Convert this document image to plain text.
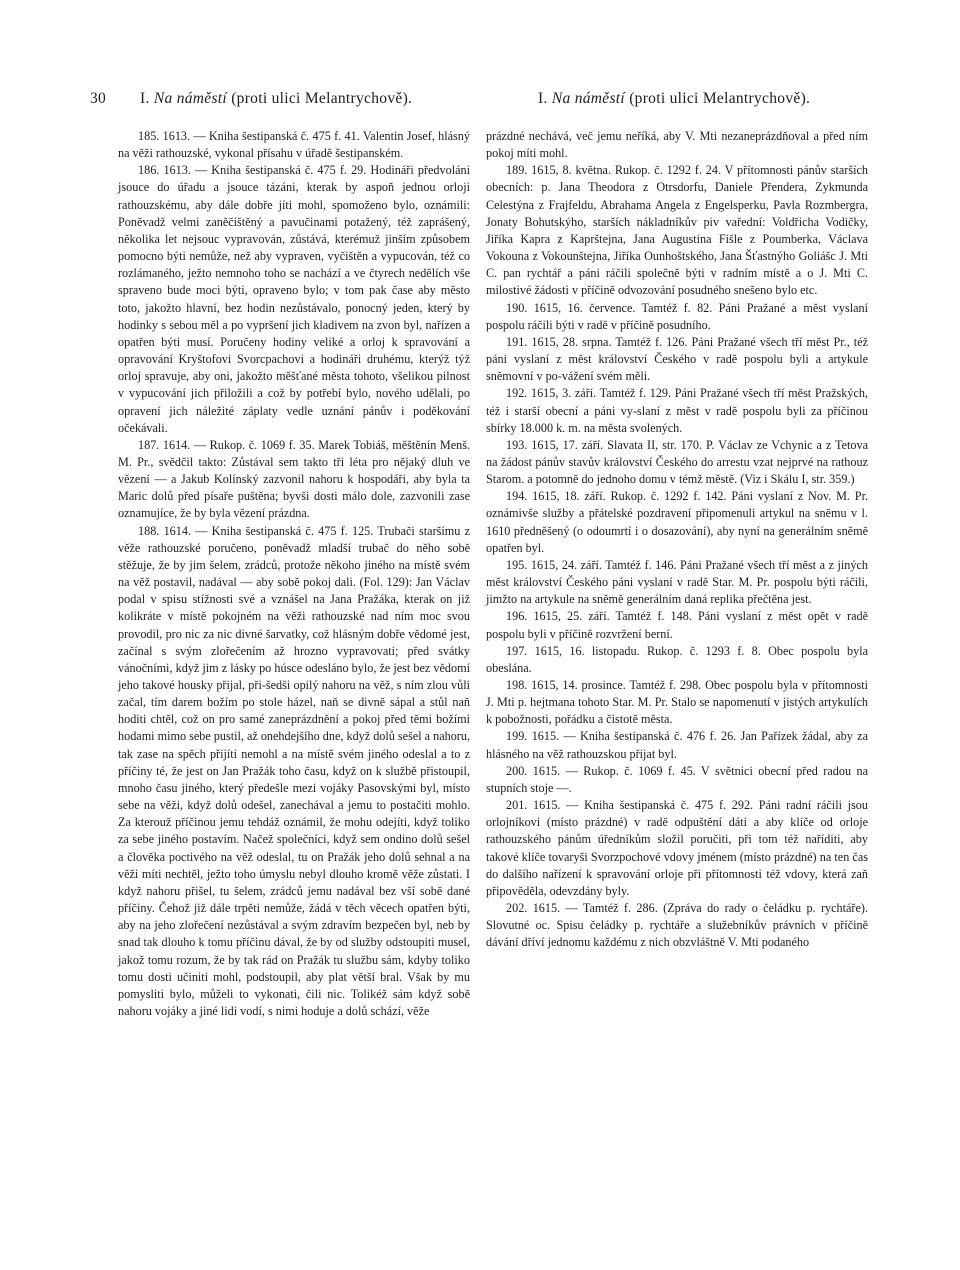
30 I. Na náměstí (proti ulici Melantrychově).	I. Na náměstí (proti ulici Melantrychově).

185. 1613. — Kniha šestipanská č. 475 f. 41. Valentin Josef, hlásný na věži rathouzské, vykonal přísahu v úřadě šestipanském.

186. 1613. — Kniha šestipanská č. 475 f. 29. Hodináři předvoláni jsouce do úřadu a jsouce tázáni, kterak by aspoň jednou orloji rathouzskému, aby dále dobře jíti mohl, spomoženo bylo, oznámili: Poněvadž velmi zaněčištěný a pavučinami potažený, též zaprášený, několika let nejsouc vypravován, zůstává, kterémuž jinším způsobem pomocno býti nemůže, než aby vypraven, vyčištěn a vypucován, též co rozlámaného, ježto nemnoho toho se nachází a ve čtyrech nedělích vše spraveno bude moci býti, opraveno bylo; v tom pak čase aby město toto, jakožto hlavní, bez hodin nezůstávalo, ponocný jeden, který by hodinky s sebou měl a po vypršení jich kladivem na zvon byl, nařízen a opatřen býti musí. Poručeny hodiny veliké a orloj k spravování a opravování Kryštofovi Svorcpachovi a hodináři druhému, kterýž týž orloj spravuje, aby oni, jakožto měšťané města tohoto, všelikou pilnost v vypucování jich přiložili a což by potřebí bylo, nového udělali, po opravení jich náležité záplaty vedle uznání pánův i poděkování očekávali.

187. 1614. — Rukop. č. 1069 f. 35. Marek Tobiáš, měštěnín Menš. M. Pr., svědčil takto: Zůstával sem takto tři léta pro nějaký dluh ve vězení — a Jakub Kolínský zazvonil nahoru k hospodáři, aby byla ta Maric dolů před písaře puštěna; byvši dosti málo dole, zazvonili zase oznamujíce, že by byla vězení prázdna.

188. 1614. — Kniha šestipanská č. 475 f. 125. Trubači staršímu z věže rathouzské poručeno, poněvadž mladší trubač do něho sobě stěžuje, že by jim šelem, zrádců, protože někoho jiného na místě svém na věž postavil, nadával — aby sobě pokoj dali. (Fol. 129): Jan Václav podal v spisu stížnosti své a vznášel na Jana Pražáka, kterak on již kolikráte v místě pokojném na věži rathouzské nad ním moc svou provodil, pro nic za nic divné šarvatky, což hlásným dobře vědomé jest, začínal s svým zlořečením až hrozno vypravovati; před svátky vánočními, když jim z lásky po húsce odesláno bylo, že jest bez vědomí jeho takové housky přijal, při-šedši opilý nahoru na věž, s ním zlou vůli začal, tím darem božím po stole házel, naň se divně sápal a stůl naň hoditi chtěl, což on pro samé zaneprázdnění a pokoj před těmi božími hodami mimo sebe pustil, až onehdejšího dne, když dolů sešel a nahoru, tak zase na spěch přijíti nemohl a na místě svém jiného odeslal a to z příčiny té, že jest on Jan Pražák toho času, když on k službě přistoupil, mnoho času jiného, který předešle mezi vojáky Pasovskými byl, místo sebe na věži, když dolů odešel, zanechával a jemu to postačiti mohlo. Za kterouž příčinou jemu tehdáž oznámil, že mohu odejíti, když toliko za sebe jiného postavím. Načež společníci, když sem ondino dolů sešel a člověka poctivého na věž odeslal, tu on Pražák jeho dolů sehnal a na věži míti nechtěl, ježto toho úmyslu nebyl dlouho kromě věže zůstati. I když nahoru přišel, tu šelem, zrádců jemu nadával bez vší sobě dané příčiny. Čehož již dále trpěti nemůže, žádá v těch věcech opatřen býti, aby na jeho zlořečení nezůstával a svým zdravím bezpečen byl, neb by snad tak dlouho k tomu příčinu dával, že by od služby odstoupiti musel, jakož tomu rozum, že by tak rád on Pražák tu službu sám, kdyby toliko tomu dosti učiniti mohl, podstoupil, aby plat větší bral. Však by mu pomysliti bylo, můželi to vykonati, čili nic. Tolikéž sám když sobě nahoru vojáky a jiné lidi vodí, s nimi hoduje a dolů schází, věže

prázdné nechává, več jemu neříká, aby V. Mti nezaneprázdňoval a před ním pokoj míti mohl.

189. 1615, 8. května. Rukop. č. 1292 f. 24. V přítomnosti pánův starších obecních: p. Jana Theodora z Otrsdorfu, Daniele Přendera, Zykmunda Celestýna z Frajfeldu, Abrahama Angela z Engelsperku, Pavla Rozmbergra, Jonaty Bohutskýho, starších nákladníkův piv vařední: Voldřicha Vodičky, Jiříka Kapra z Kaprštejna, Jana Augustina Fišle z Poumberka, Václava Vokouna z Vokounštejna, Jiříka Ounhoštského, Jana Šťastnýho Goliášc J. Mti C. pan rychtář a páni ráčili společně býti v radním místě a o J. Mti C. milostivé žádosti v příčině odvozování posudného snešeno bylo etc.

190. 1615, 16. července. Tamtéž f. 82. Páni Pražané a měst vyslaní pospolu ráčili býti v radě v příčině posudního.

191. 1615, 28. srpna. Tamtéž f. 126. Páni Pražané všech tří měst Pr., též páni vyslaní z měst království Českého v radě pospolu byli a artykule sněmovní v po-vážení svém měli.

192. 1615, 3. září. Tamtéž f. 129. Páni Pražané všech tří měst Pražských, též i starší obecní a páni vy-slaní z měst v radě pospolu byli za příčinou sbírky 18.000 k. m. na města svolených.

193. 1615, 17. září. Slavata II, str. 170. P. Václav ze Vchynic a z Tetova na žádost pánův stavův království Českého do arrestu vzat nejprvé na rathouz Starom. a potomně do jednoho domu v témž městě. (Viz i Skálu I, str. 359.)

194. 1615, 18. září. Rukop. č. 1292 f. 142. Páni vyslaní z Nov. M. Pr. oznámivše služby a přátelské pozdravení připomenuli artykul na sněmu v l. 1610 předněšený (o odoumrtí i o dosazování), aby nyní na generálním sněmě opatřen byl.

195. 1615, 24. září. Tamtéž f. 146. Páni Pražané všech tří měst a z jiných měst království Českého páni vyslaní v radě Star. M. Pr. pospolu býti ráčili, jimžto na artykule na sněmě generálním daná replika přečtěna jest.

196. 1615, 25. září. Tamtéž f. 148. Páni vyslaní z měst opět v radě pospolu byli v příčině rozvržení berní.

197. 1615, 16. listopadu. Rukop. č. 1293 f. 8. Obec pospolu byla obeslána.

198. 1615, 14. prosince. Tamtéž f. 298. Obec pospolu byla v přítomnosti J. Mti p. hejtmana tohoto Star. M. Pr. Stalo se napomenutí v jistých artykulích k pobožnosti, pořádku a čistotě města.

199. 1615. — Kniha šestipanská č. 476 f. 26. Jan Pařízek žádal, aby za hlásného na věž rathouzskou přijat byl.

200. 1615. — Rukop. č. 1069 f. 45. V světnici obecní před radou na stupních stoje —.

201. 1615. — Kniha šestipanská č. 475 f. 292. Páni radní ráčili jsou orlojníkovi (místo prázdné) v radě odpuštění dáti a aby klíče od orloje rathouzského pánům úředníkům složil poručiti, při tom též naříditi, aby takové klíče tovaryši Svorzpochové vdovy jménem (místo prázdné) na ten čas do dalšího nařízení k spravování orloje při přítomnosti též vdovy, která zaň připověděla, odevzdány byly.

202. 1615. — Tamtéž f. 286. (Zpráva do rady o čeládku p. rychtáře). Slovutné oc. Spisu čeládky p. rychtáře a služebníkův právních v příčině dávání dříví jednomu každému z nich obzvláštně V. Mti podaného
